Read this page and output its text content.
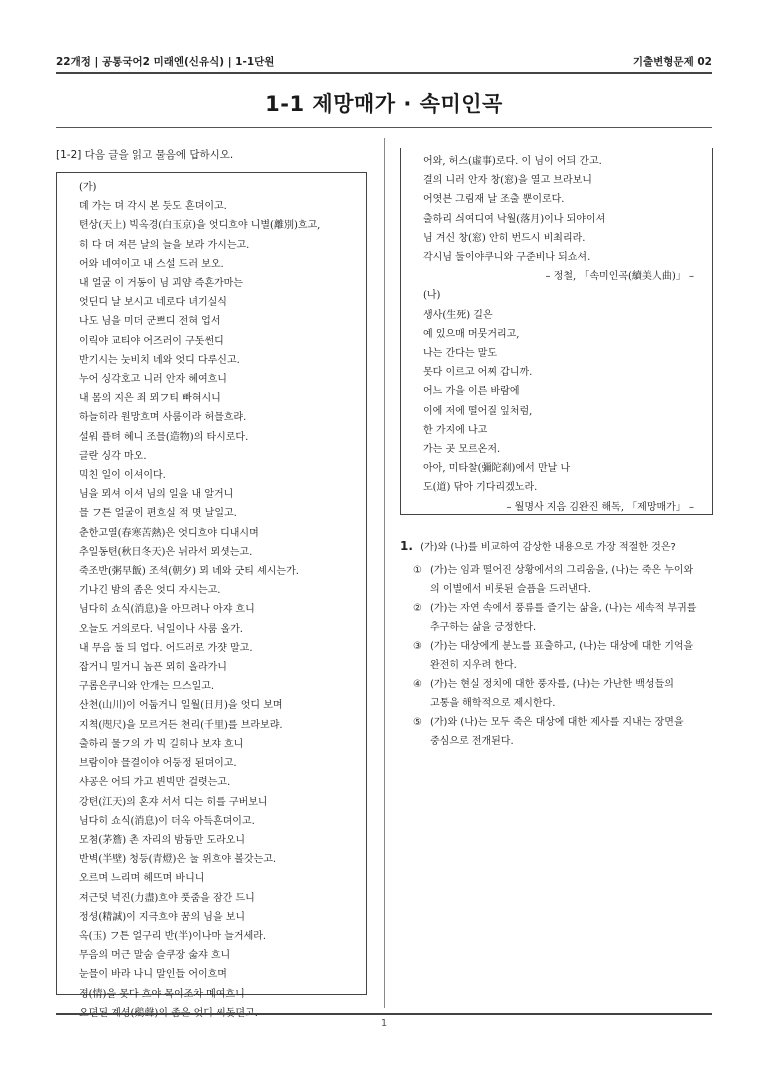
22개정 | 공통국어2 미래엔(신유식) | 1-1단원	기출변형문제 02
1-1 제망매가 · 속미인곡
[1-2] 다음 글을 읽고 물음에 답하시오.
(가)
뎨 가는 뎌 각시 본 듯도 흔뎌이고.
텬상(天上) 빅옥경(白玉京)을 엇디흐야 니별(離別)흐고,
히 다 뎌 져믄 날의 늘을 보라 가시는고.
어와 네여이고 내 스설 드러 보오.
내 얼굴 이 거동이 님 괴얌 즉흔가마는
엇딘디 날 보시고 네로다 녀기실식
나도 님을 미더 군쁘디 전혀 업서
이릭야 교티야 어즈러이 구돗썬디
반기시는 눗비치 녜와 엇디 다루신고.
누어 싱각호고 니러 안자 혜여흐니
내 몸의 지은 죄 뫼フ티 빠혀시니
하늘히라 원망흐며 사룸이라 허믈흐랴.
설워 플텨 혜니 조믈(造物)의 타시로다.
글란 싱각 마오.
믹친 일이 이셔이다.
님을 뫼셔 이셔 님의 일을 내 알거니
믈 フ튼 얼굴이 편흐실 적 몃 날일고.
춘한고열(春寒苦熱)은 엇디흐야 디내시며
추일동텬(秋日冬天)은 뉘라서 뫼셧는고.
죽조반(粥早飯) 조셕(朝夕) 뫼 녜와 굿티 셰시는가.
기나긴 밤의 좀은 엇디 자시는고.
님다히 쇼식(消息)을 아므려나 아쟈 흐니
오늘도 거의로다. 닉일이나 사룸 올가.
내 무음 둘 듸 업다. 어드러로 가쟛 말고.
잡거니 밀거니 놉픈 뫼히 올라가니
구롬은쿠니와 안개는 므스일고.
산쳔(山川)이 어둡거니 일월(日月)을 엇디 보며
지쳑(咫尺)을 모르거든 쳔리(千里)를 브라보랴.
출하리 물フ의 가 빅 길히나 보쟈 흐니
브람이야 믈결이야 어둥정 된뎌이고.
샤공은 어듸 가고 븬빅만 걸렷는고.
강텬(江天)의 혼쟈 서서 디는 히를 구버보니
님다히 쇼식(消息)이 더옥 아득흔뎌이고.
모쳠(茅簷) 촌 자리의 밤듕만 도라오니
반벽(半壁) 청등(青燈)은 눌 위흐야 볼갓는고.
오르며 느리며 헤뜨며 바니니
져근덧 녁진(力盡)흐야 풋줌을 잠간 드니
정셩(精誠)이 지극흐야 꿈의 님을 보니
옥(玉) フ튼 얼구리 반(半)이나마 늘거세라.
무음의 머근 말숨 슬쿠장 숣쟈 흐니
눈믈이 바라 나니 말인들 어이흐며
졍(情)을 못다 흐야 목이조차 몌여흐니
오뎐된 계셩(鷄聲)의 좀은 엇디 씨돗뎐고.
어와, 허스(虛事)로다. 이 님이 어듸 간고.
결의 니러 안자 창(窓)을 열고 브라보니
어엿븐 그림재 날 조출 뿐이로다.
출하리 싀여디여 낙월(落月)이나 되야이셔
님 겨신 창(窓) 안히 번드시 비최리라.
각시님 둘이야쿠니와 구준비나 되쇼셔.
– 정철, 「속미인곡(續美人曲)」 –
(나)
생사(生死) 길은
예 있으매 머뭇거리고,
나는 간다는 말도
못다 이르고 어찌 갑니까.
어느 가을 이른 바람에
이에 저에 떨어질 잎처럼,
한 가지에 나고
가는 곳 모르온저.
아아, 미타찰(彌陀刹)에서 만날 나
도(道) 닦아 기다리겠노라.
– 월명사 지음 김완진 해독, 「제망매가」 –
1. (가)와 (나)를 비교하여 감상한 내용으로 가장 적절한 것은?
① (가)는 임과 떨어진 상황에서의 그리움을, (나)는 죽은 누이와
의 이별에서 비롯된 슬픔을 드러낸다.
② (가)는 자연 속에서 풍류를 즐기는 삶을, (나)는 세속적 부귀를
추구하는 삶을 긍정한다.
③ (가)는 대상에게 분노를 표출하고, (나)는 대상에 대한 기억을
완전히 지우려 한다.
④ (가)는 현실 정치에 대한 풍자를, (나)는 가난한 백성들의
고통을 해학적으로 제시한다.
⑤ (가)와 (나)는 모두 죽은 대상에 대한 제사를 지내는 장면을
중심으로 전개된다.
1
